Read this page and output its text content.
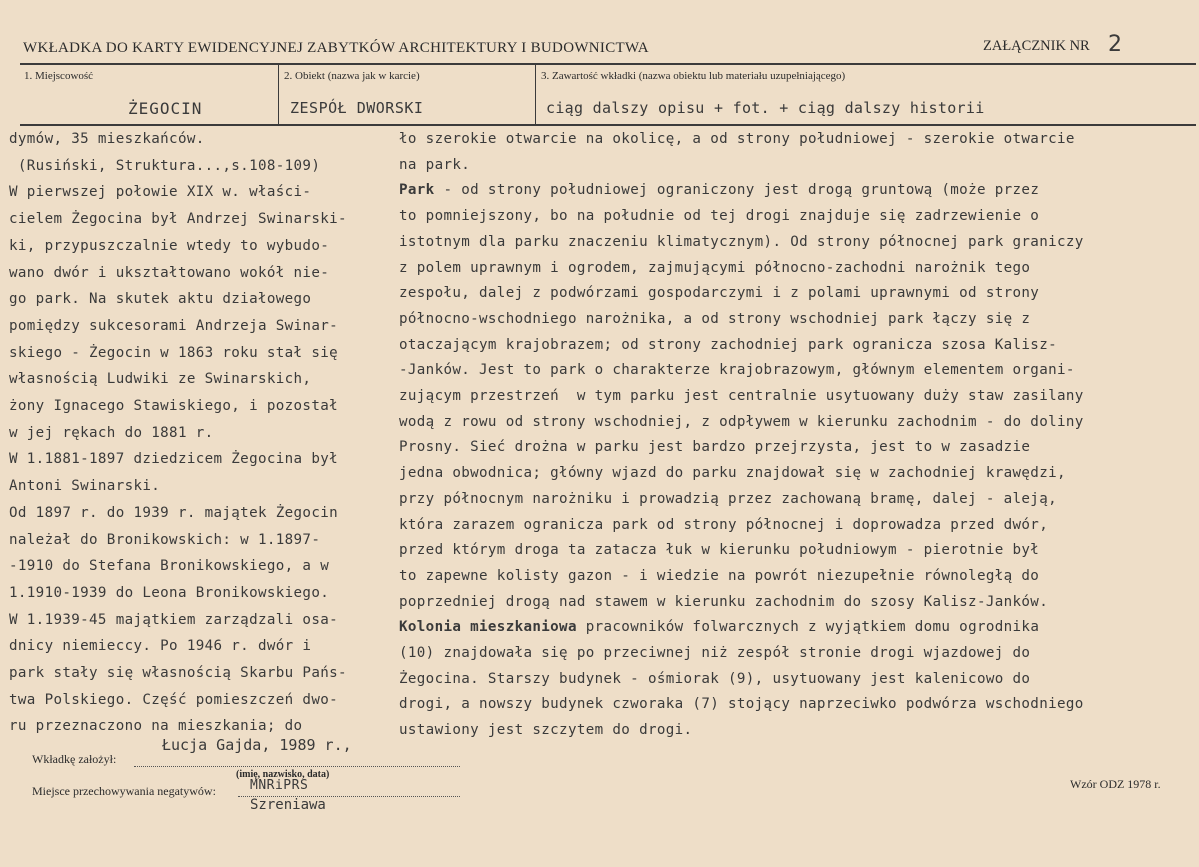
WKŁADKA DO KARTY EWIDENCYJNEJ ZABYTKÓW ARCHITEKTURY I BUDOWNICTWA	ZAŁĄCZNIK NR 2
1. Miejscowość
ŻEGOCIN
2. Obiekt (nazwa jak w karcie)
ZESPÓŁ DWORSKI
3. Zawartość wkładki (nazwa obiektu lub materiału uzupełniającego)
ciąg dalszy opisu + fot. + ciąg dalszy historii
dymów, 35 mieszkańców.
(Rusiński, Struktura...,s.108-109)
W pierwszej połowie XIX w. właści-
cielem Żegocina był Andrzej Swinarski-
ki, przypuszczalnie wtedy to wybudo-
wano dwór i ukształtowano wokół nie-
go park. Na skutek aktu działowego
pomiędzy sukcesorami Andrzeja Swinar-
skiego - Żegocin w 1863 roku stał się
własnością Ludwiki ze Swinarskich,
żony Ignacego Stawiskiego, i pozostał
w jej rękach do 1881 r.
W 1.1881-1897 dziedzicem Żegocina był
Antoni Swinarski.
Od 1897 r. do 1939 r. majątek Żegocin
należał do Bronikowskich: w 1.1897-
-1910 do Stefana Bronikowskiego, a w
1.1910-1939 do Leona Bronikowskiego.
W 1.1939-45 majątkiem zarządzali osa-
dnicy niemieccy. Po 1946 r. dwór i
park stały się własnością Skarbu Pańs-
twa Polskiego. Część pomieszczeń dwo-
ru przeznaczono na mieszkania; do
ło szerokie otwarcie na okolicę, a od strony południowej - szerokie otwarcie
na park.
Park - od strony południowej ograniczony jest drogą gruntową (może przez
to pomniejszony, bo na południe od tej drogi znajduje się zadrzewienie o
istotnym dla parku znaczeniu klimatycznym). Od strony północnej park graniczy
z polem uprawnym i ogrodem, zajmującymi północno-zachodni narożnik tego
zespołu, dalej z podwórzami gospodarczymi i z polami uprawnymi od strony
północno-wschodniego narożnika, a od strony wschodniej park łączy się z
otaczającym krajobrazem; od strony zachodniej park ogranicza szosa Kalisz-
-Janków. Jest to park o charakterze krajobrazowym, głównym elementem organi-
zującym przestrzeń  w tym parku jest centralnie usytuowany duży staw zasilany
wodą z rowu od strony wschodniej, z odpływem w kierunku zachodnim - do doliny
Prosny. Sieć drożna w parku jest bardzo przejrzysta, jest to w zasadzie
jedna obwodnica; główny wjazd do parku znajdował się w zachodniej krawędzi,
przy północnym narożniku i prowadzią przez zachowaną bramę, dalej - aleją,
która zarazem ogranicza park od strony północnej i doprowadza przed dwór,
przed którym droga ta zatacza łuk w kierunku południowym - pierotnie był
to zapewne kolisty gazon - i wiedzie na powrót niezupełnie równoległą do
poprzedniej drogą nad stawem w kierunku zachodnim do szosy Kalisz-Janków.
Kolonia mieszkaniowa pracowników folwarcznych z wyjątkiem domu ogrodnika
(10) znajdowała się po przeciwnej niż zespół stronie drogi wjazdowej do
Żegocina. Starszy budynek - ośmiorak (9), usytuowany jest kalenicowo do
drogi, a nowszy budynek czworaka (7) stojący naprzeciwko podwórza wschodniego
ustawiony jest szczytem do drogi.
Wkładkę założył:
Łucja Gajda, 1989 r.,
(imię, nazwisko, data)
Miejsce przechowywania negatywów:	MNRiPRS
Szreniawa
Wzór ODZ 1978 r.
